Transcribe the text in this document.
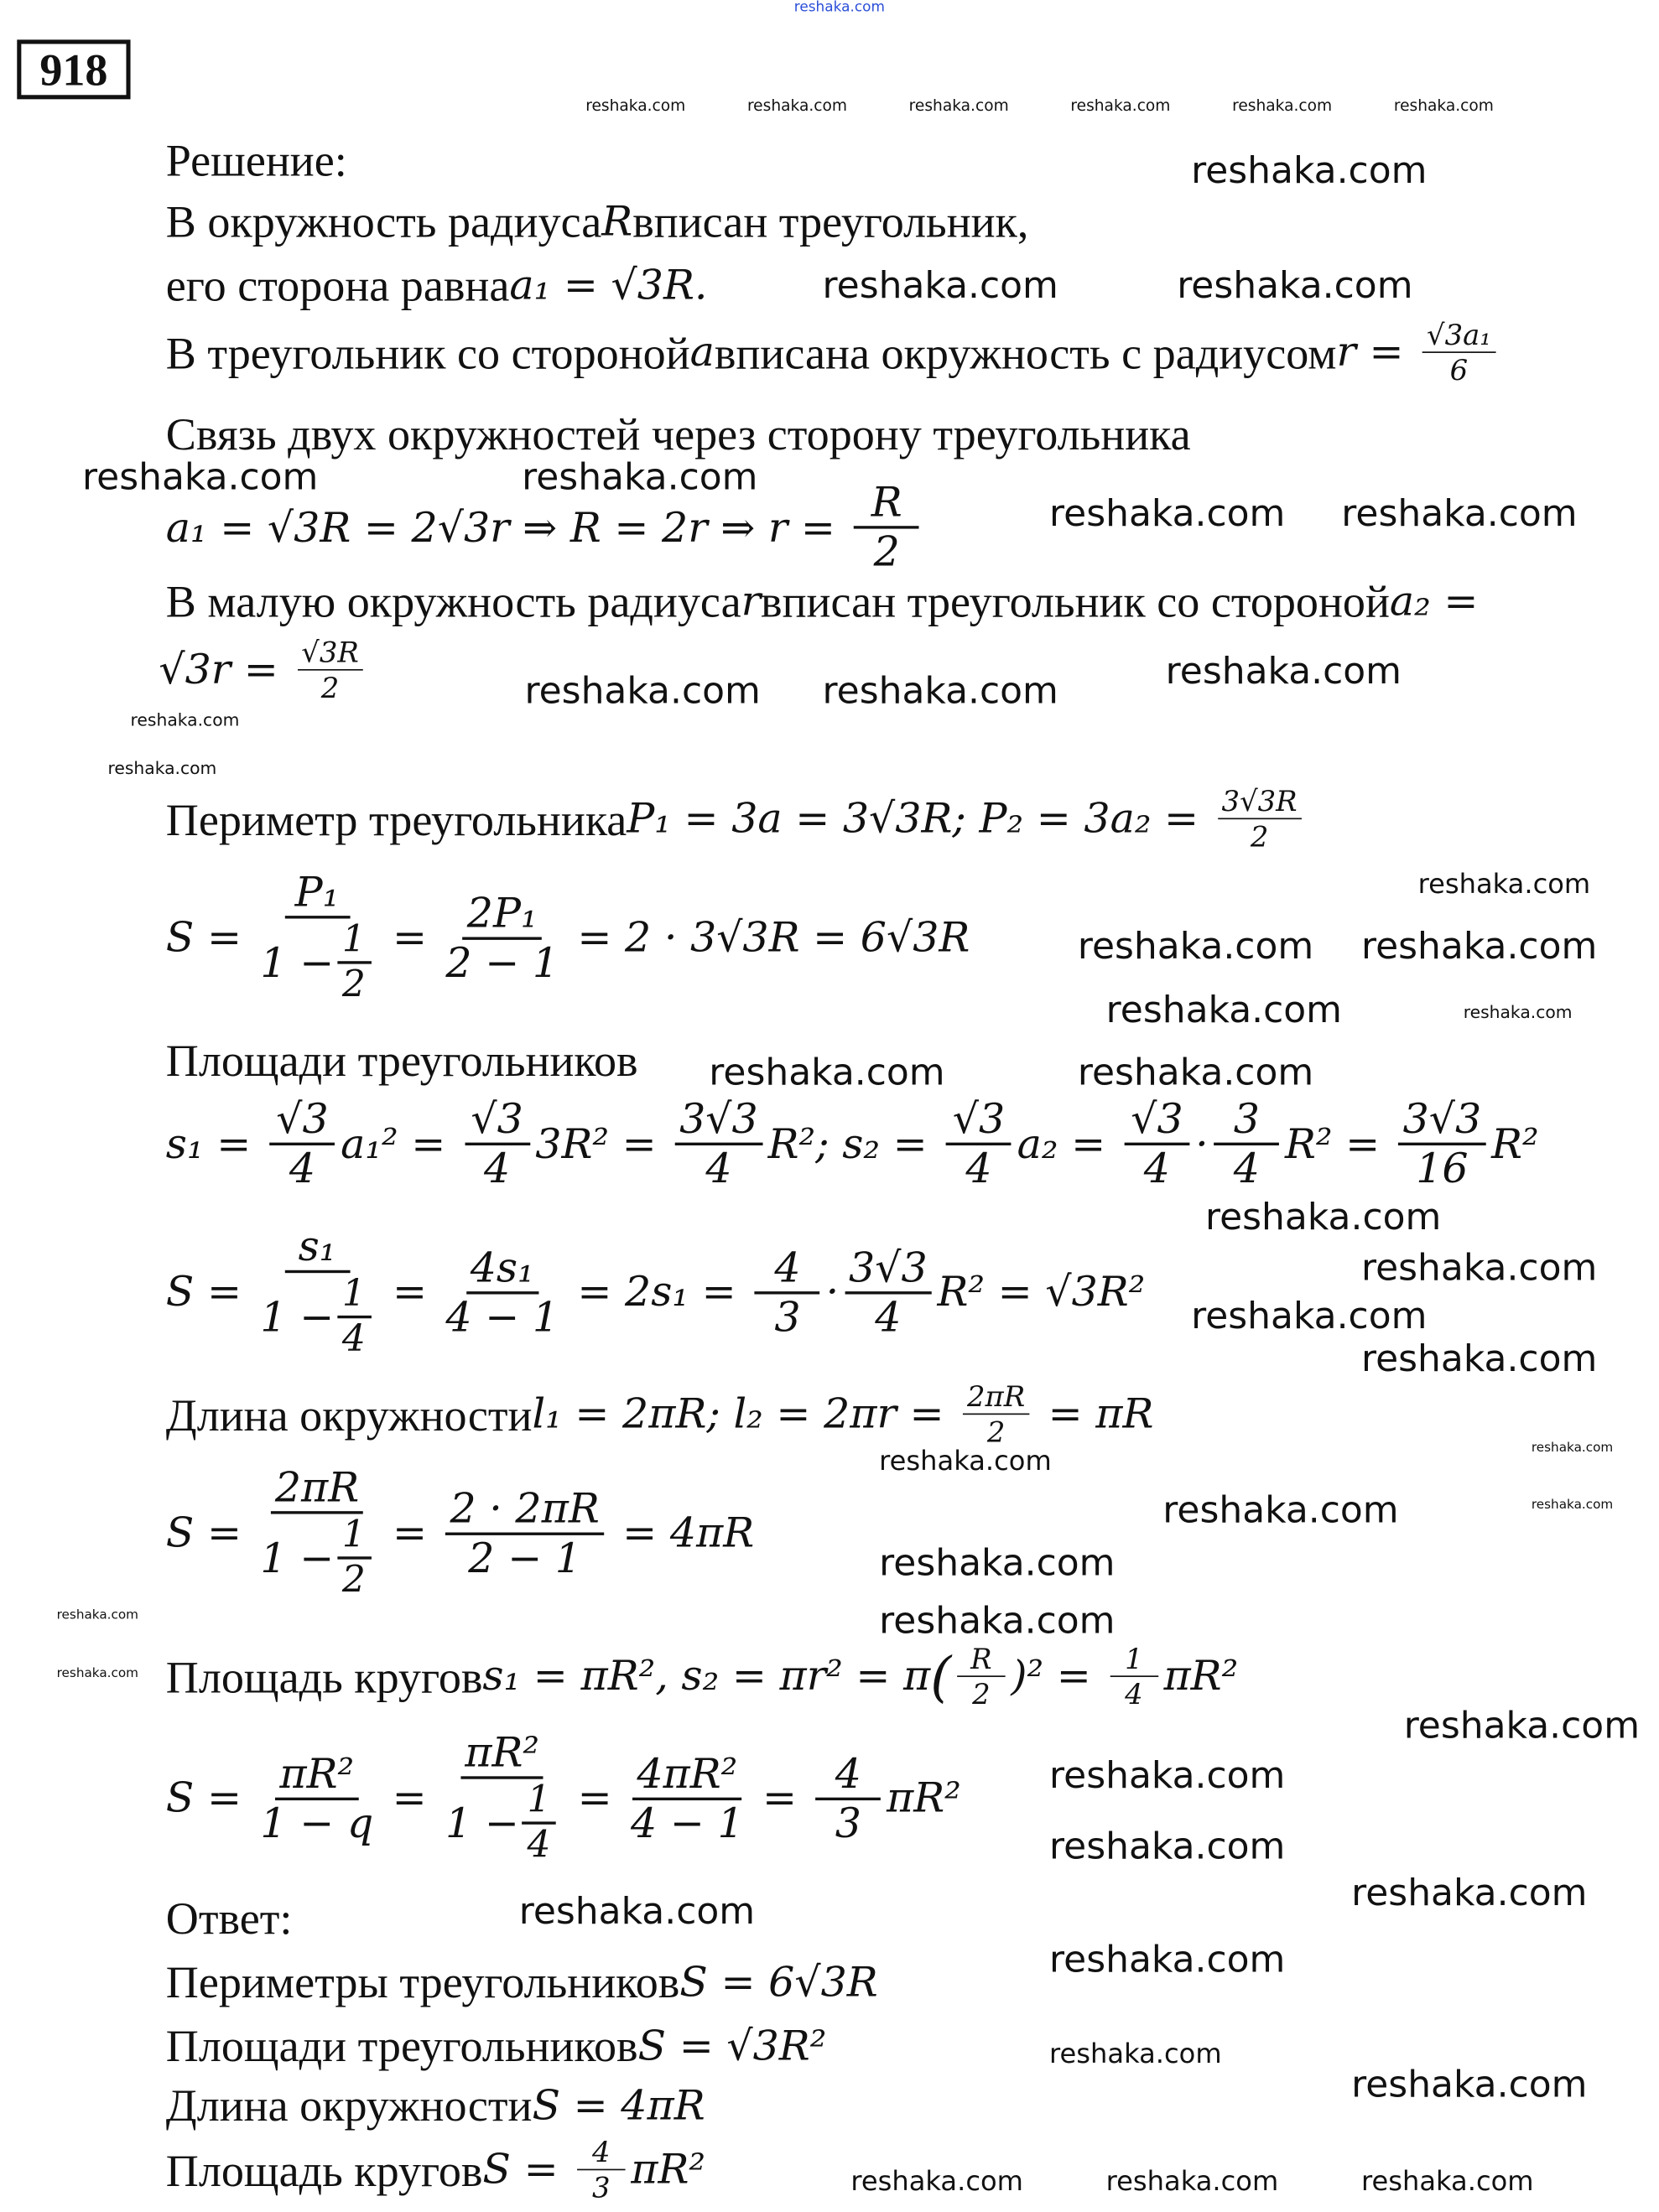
918
Решение:
В окружность радиуса R вписан треугольник,
его сторона равна a₁ = √3R.
В треугольник со стороной a вписана окружность с радиусом $r = \frac{\text{√3a₁}}{6}$
Связь двух окружностей через сторону треугольника
a₁ = √3R = 2√3r ⇒ R = 2r ⇒ $r = \frac{R}{2}$
В малую окружность радиуса r вписан треугольник со стороной a₂ =
$√3r = \frac{√3R}{2}$
Периметр треугольника P₁ = 3a = 3√3R; $P_2 = 3a_2 = \frac{3√3R}{2}$
$S = \frac{\text{P₁}}{1 - \frac{1}{2}} = \frac{\text{2P₁}}{2 - 1} = 2 \cdot 3√3R = 6√3R$
Площади треугольников
$s_1 = \frac{√3}{4} a_1^2 = \frac{√3}{4} 3R^2 = \frac{3√3}{4} R^2$; $s_2 = \frac{√3}{4} a_2 = \frac{√3}{4} \cdot \frac{3}{4} R^2 = \frac{3√3}{16} R^2$
$S = \frac{\text{s₁}}{1 - \frac{1}{4}} = \frac{\text{4s₁}}{4 - 1} = 2s_1 = \frac{4}{3} \cdot \frac{3√3}{4} R^2 = √3R^2$
Длина окружности l₁ = 2πR; $l_2 = 2\pi r = \frac{2\pi R}{2} = \pi R$
$S = \frac{2\pi R}{1 - \frac{1}{2}} = \frac{2 \cdot 2\pi R}{2 - 1} = 4\pi R$
Площадь кругов s₁ = πR², s₂ = πr² = π ( $\frac{R}{2} )^2 = \frac{1}{4} \pi R^2$
$S = \frac{\text{πR²}}{1 - q} = \frac{\text{πR²}}{1 - \frac{1}{4}} = \frac{\text{4πR²}}{4 - 1} = \frac{4}{3} \pi R^2$
Ответ:
Периметры треугольников S = 6√3R
Площади треугольников S = √3R²
Длина окружности S = 4πR
Площадь кругов $S = \frac{4}{3} \pi R^2$
reshaka.com
reshaka.com	reshaka.com	reshaka.com	reshaka.com	reshaka.com	reshaka.com
reshaka.com
reshaka.com	reshaka.com
reshaka.com	reshaka.com
reshaka.com	reshaka.com
reshaka.com	reshaka.com	reshaka.com
reshaka.com
reshaka.com
reshaka.com reshaka.com
reshaka.com
reshaka.com	reshaka.com
reshaka.com	reshaka.com
reshaka.com
reshaka.com
reshaka.com
reshaka.com
reshaka.com	reshaka.com
reshaka.com
reshaka.com
reshaka.com
reshaka.com	reshaka.com
reshaka.com
reshaka.com
reshaka.com
reshaka.com
reshaka.com
reshaka.com
reshaka.com
reshaka.com
reshaka.com
reshaka.com	reshaka.com	reshaka.com
